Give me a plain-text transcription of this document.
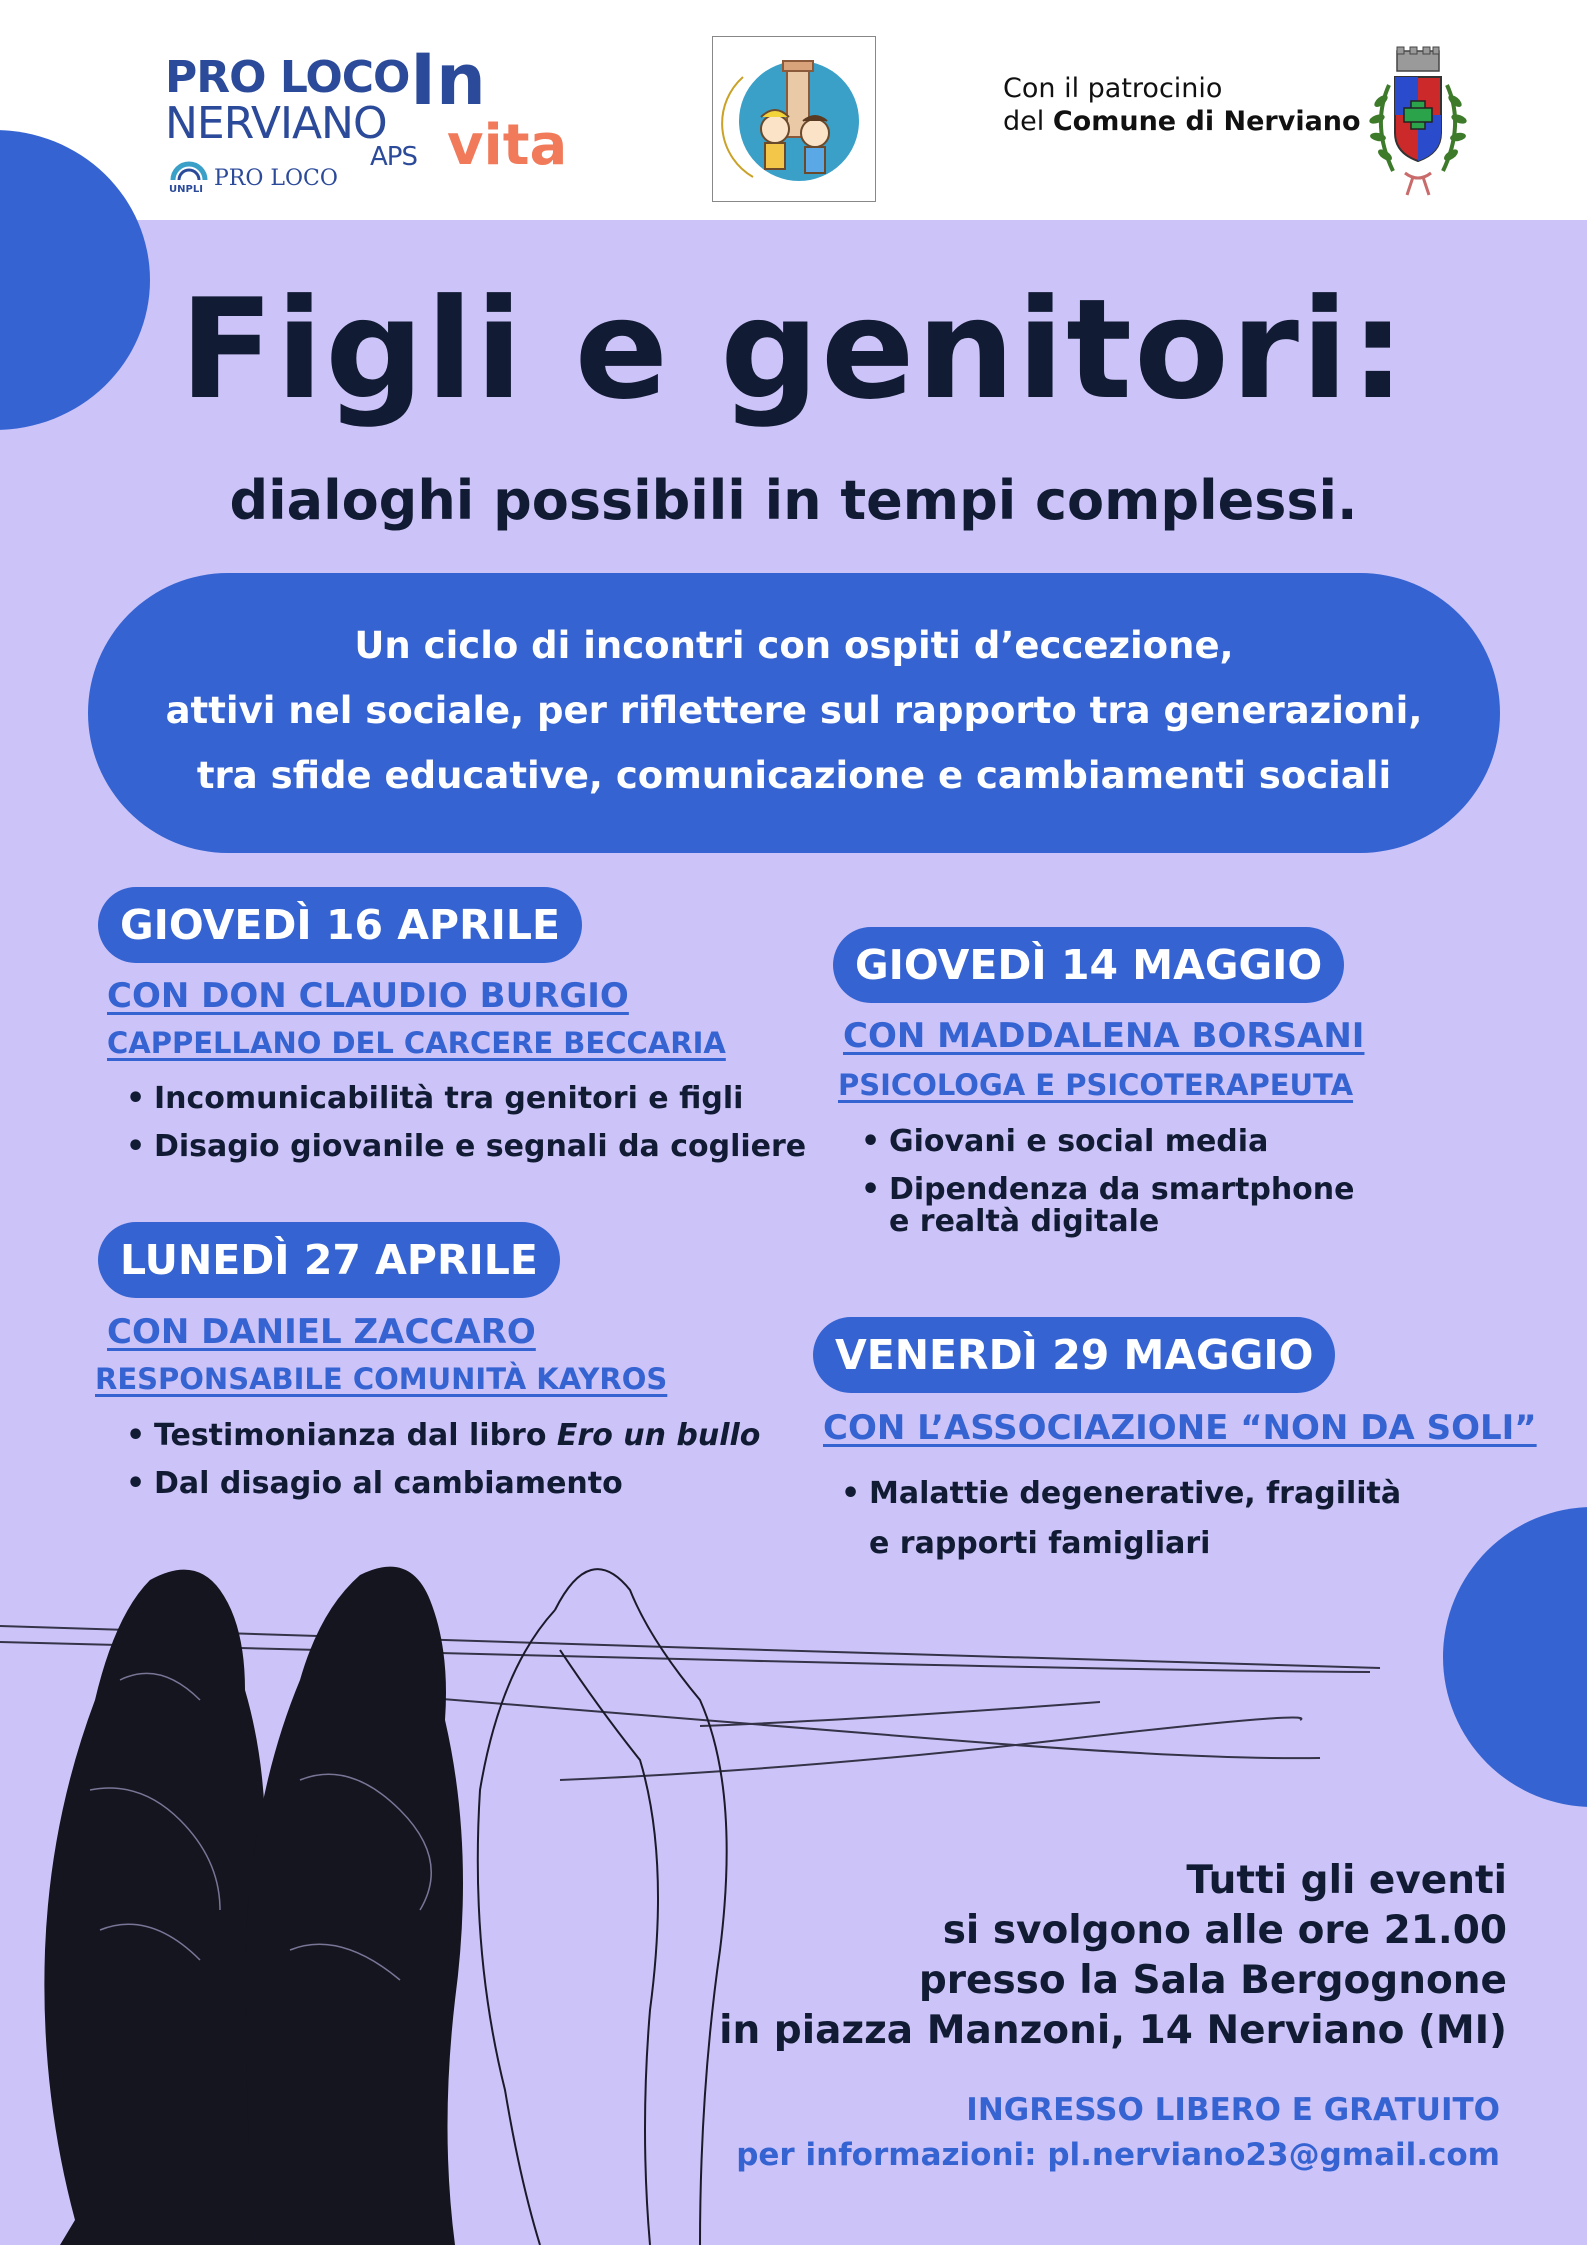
PRO LOCO
NERVIANO
APS
In
vita
UNPLI PRO LOCO
Con il patrocinio
del Comune di Nerviano
Figli e genitori:
dialoghi possibili in tempi complessi.
Un ciclo di incontri con ospiti d’eccezione,
attivi nel sociale, per riflettere sul rapporto tra generazioni,
tra sfide educative, comunicazione e cambiamenti sociali
GIOVEDÌ 16 APRILE
CON DON CLAUDIO BURGIO
CAPPELLANO DEL CARCERE BECCARIA
• Incomunicabilità tra genitori e figli
• Disagio giovanile e segnali da cogliere
LUNEDÌ 27 APRILE
CON DANIEL ZACCARO
RESPONSABILE COMUNITÀ KAYROS
• Testimonianza dal libro Ero un bullo
• Dal disagio al cambiamento
GIOVEDÌ 14 MAGGIO
CON MADDALENA BORSANI
PSICOLOGA E PSICOTERAPEUTA
• Giovani e social media
• Dipendenza da smartphone
e realtà digitale
VENERDÌ 29 MAGGIO
CON L’ASSOCIAZIONE “NON DA SOLI”
• Malattie degenerative, fragilità
e rapporti famigliari
Tutti gli eventi
si svolgono alle ore 21.00
presso la Sala Bergognone
in piazza Manzoni, 14 Nerviano (MI)
INGRESSO LIBERO E GRATUITO
per informazioni: pl.nerviano23@gmail.com
